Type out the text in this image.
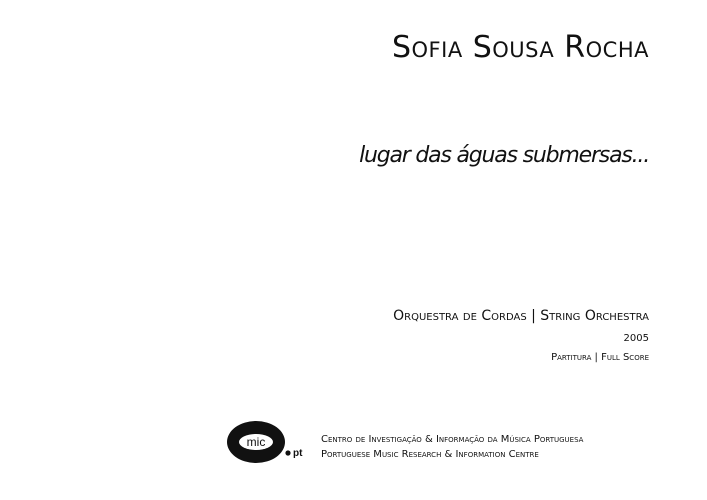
Sofia Sousa Rocha
lugar das águas submersas...
Orquestra de Cordas | String Orchestra
2005
Partitura | Full Score
mic
pt
Centro de Investigação & Informação da Música Portuguesa
Portuguese Music Research & Information Centre
